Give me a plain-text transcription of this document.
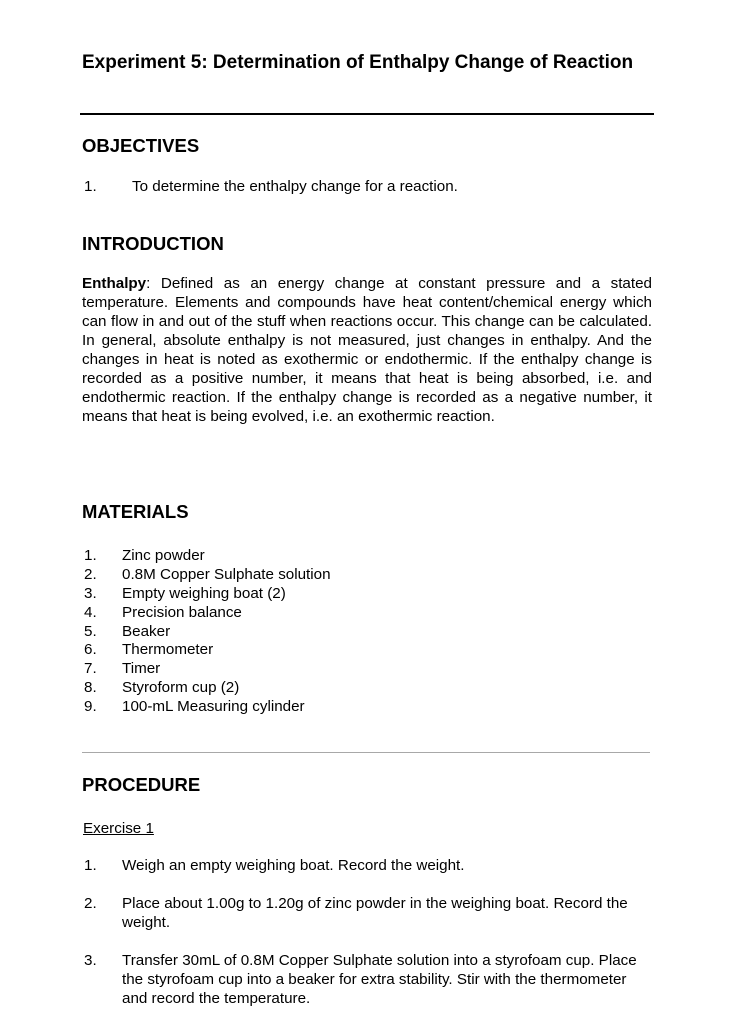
Experiment 5: Determination of Enthalpy Change of Reaction
OBJECTIVES
1. To determine the enthalpy change for a reaction.
INTRODUCTION

Enthalpy: Defined as an energy change at constant pressure and a stated temperature. Elements and compounds have heat content/chemical energy which can flow in and out of the stuff when reactions occur. This change can be calculated. In general, absolute enthalpy is not measured, just changes in enthalpy. And the changes in heat is noted as exothermic or endothermic. If the enthalpy change is recorded as a positive number, it means that heat is being absorbed, i.e. and endothermic reaction. If the enthalpy change is recorded as a negative number, it means that heat is being evolved, i.e. an exothermic reaction.

MATERIALS
1. Zinc powder
2. 0.8M Copper Sulphate solution
3. Empty weighing boat (2)
4. Precision balance
5. Beaker
6. Thermometer
7. Timer
8. Styroform cup (2)
9. 100-mL Measuring cylinder
PROCEDURE
Exercise 1
1.	Weigh an empty weighing boat. Record the weight.
2.	Place about 1.00g to 1.20g of zinc powder in the weighing boat. Record the weight.
3.	Transfer 30mL of 0.8M Copper Sulphate solution into a styrofoam cup. Place the styrofoam cup into a beaker for extra stability. Stir with the thermometer and record the temperature.
